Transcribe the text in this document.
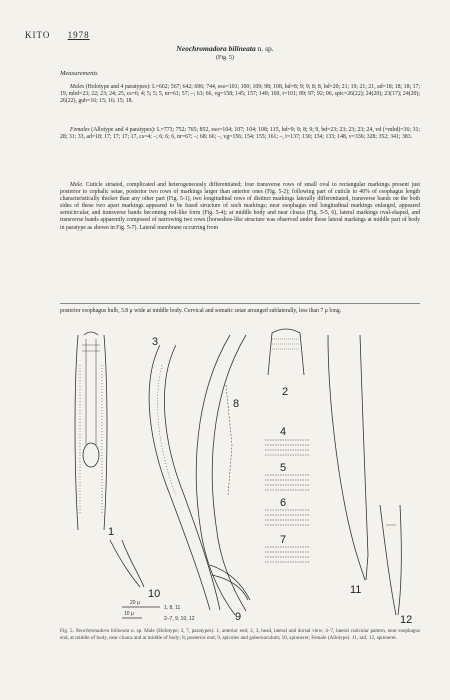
KITO 1978
Neochromadora bilineata n. sp.
(Fig. 5)
Measurements
Males (Holotype and 4 paratypes): L=662; 567; 642; 696; 744, eso=101; 100; 109; 98; 108, hd=8; 9; 9; 8; 8, bd=20; 21; 19; 21; 21, ad=18; 18; 18; 17; 19, mbd=23; 22; 23; 24; 25, cs=6; 4; 5; 5; 5, nr=61; 57; –; 63; 66, vg=158; 145; 157; 149; 169, t=101; 89; 97; 92; 96, spic=26(22); 24(20); 23(17); 24(20); 26(22), gub=16; 15; 16; 15; 18.
Females (Allotype and 4 paratypes): L=773; 752; 765; 852, eso=104; 107; 104; 108; 115, hd=9; 9; 8; 9; 9, bd=23; 23; 23; 23; 24, vd (=mbd)=36; 31; 28; 31; 33, ad=18; 17; 17; 17; 17, cs=4; –; 6; 6; 6, nr=67; –; 68; 66; –, vg=156; 154; 155; 161; –, t=137; 130; 134; 133; 148, v=336; 328; 352; 341; 383.
Male. Cuticle striated, complicated and heterogeneously differentiated; four transverse rows of small oval to rectangular markings present just posterior to cephalic setae, posterior two rows of markings larger than anterior ones (Fig. 5-2); following part of cuticle to 40% of esophagus length characteristically thicker than any other part (Fig. 5-1), two longitudinal rows of distinct markings laterally differentiated, transverse bands on the both sides of these two apart markings appeared to be fused structure of such markings; near esophagus end longitudinal markings enlarged, appeared semicircular, and transverse bands becoming rod-like form (Fig. 5-4); at middle body and near cloaca (Fig. 5-5, 6), lateral markings oval-shaped, and transverse bands apparently composed of narrowing two rows (horseshoe-like structure was observed under these lateral markings at middle part of body in paratype as shown in Fig. 5-7). Lateral membrane occurring from
posterior esophagus bulb, 3.8 μ wide at middle body. Cervical and somatic setae arranged sublaterally, less than 7 μ long.
1
2
3
4
5
6
7
8
9
10	11
12
20 μ
1, 8, 11
10 μ
2–7, 9, 10, 12
Fig. 5. Neochromadora bilineata n. sp. Male (Holotype; 3, 7, paratypes). 1, anterior end; 2, 3, head, lateral and dorsal view; 4–7, lateral cuticular pattern, near esophagus end, at middle of body, near cloaca and at middle of body; 8, posterior end; 9, spicules and gubernaculum; 10, spinneret; Female (Allotype). 11, tail; 12, spinneret.
